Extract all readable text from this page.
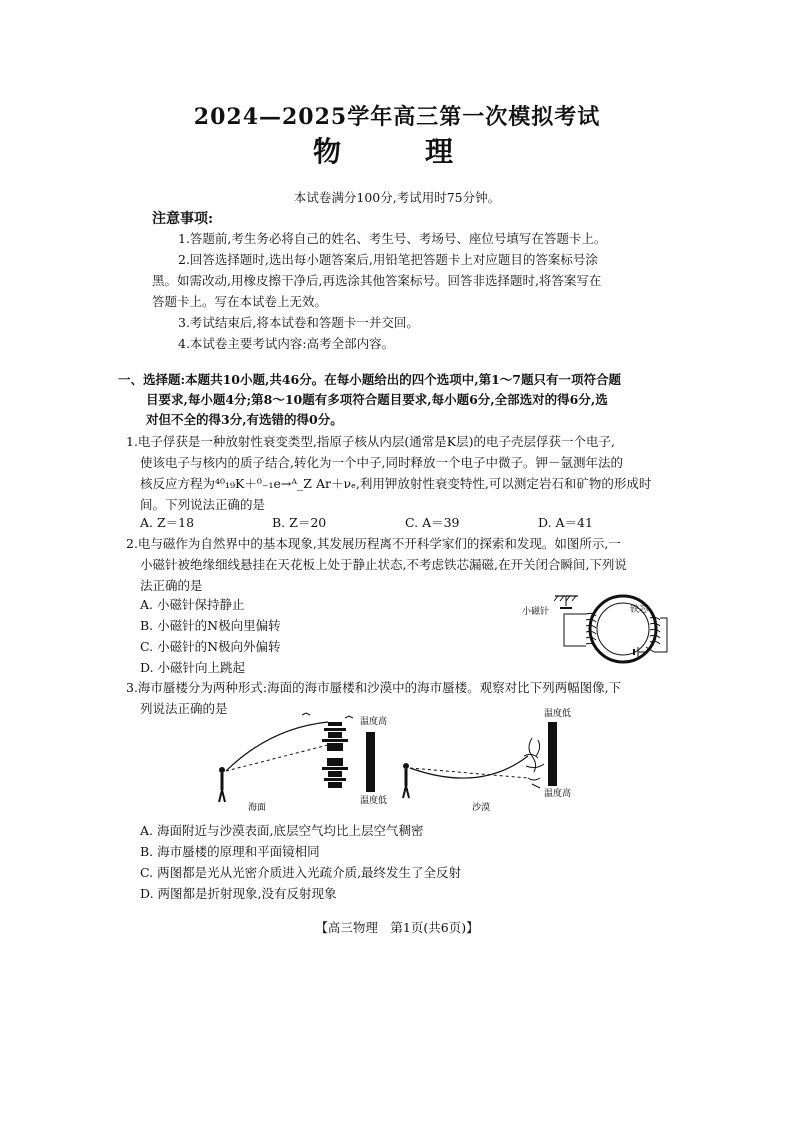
2024—2025学年高三第一次模拟考试
物　理
本试卷满分100分,考试用时75分钟。
注意事项:
1.答题前,考生务必将自己的姓名、考生号、考场号、座位号填写在答题卡上。
2.回答选择题时,选出每小题答案后,用铅笔把答题卡上对应题目的答案标号涂
黑。如需改动,用橡皮擦干净后,再选涂其他答案标号。回答非选择题时,将答案写在
答题卡上。写在本试卷上无效。
3.考试结束后,将本试卷和答题卡一并交回。
4.本试卷主要考试内容:高考全部内容。
一、选择题:本题共10小题,共46分。在每小题给出的四个选项中,第1～7题只有一项符合题
目要求,每小题4分;第8～10题有多项符合题目要求,每小题6分,全部选对的得6分,选
对但不全的得3分,有选错的得0分。
1.电子俘获是一种放射性衰变类型,指原子核从内层(通常是K层)的电子壳层俘获一个电子,
使该电子与核内的质子结合,转化为一个中子,同时释放一个电子中微子。钾－氩测年法的
核反应方程为⁴⁰₁₉K＋⁰₋₁e→ᴬ_Z Ar＋νₑ,利用钾放射性衰变特性,可以测定岩石和矿物的形成时
间。下列说法正确的是
A. Z＝18	B. Z＝20	C. A＝39	D. A＝41
2.电与磁作为自然界中的基本现象,其发展历程离不开科学家们的探索和发现。如图所示,一
小磁针被绝缘细线悬挂在天花板上处于静止状态,不考虑铁芯漏磁,在开关闭合瞬间,下列说
法正确的是
A. 小磁针保持静止
B. 小磁针的N极向里偏转
C. 小磁针的N极向外偏转
D. 小磁针向上跳起
小磁针	铁芯
3.海市蜃楼分为两种形式:海面的海市蜃楼和沙漠中的海市蜃楼。观察对比下列两幅图像,下
列说法正确的是
温度高
温度低
海面
温度低
温度高
沙漠
A. 海面附近与沙漠表面,底层空气均比上层空气稠密
B. 海市蜃楼的原理和平面镜相同
C. 两图都是光从光密介质进入光疏介质,最终发生了全反射
D. 两图都是折射现象,没有反射现象
【高三物理　第1页(共6页)】
